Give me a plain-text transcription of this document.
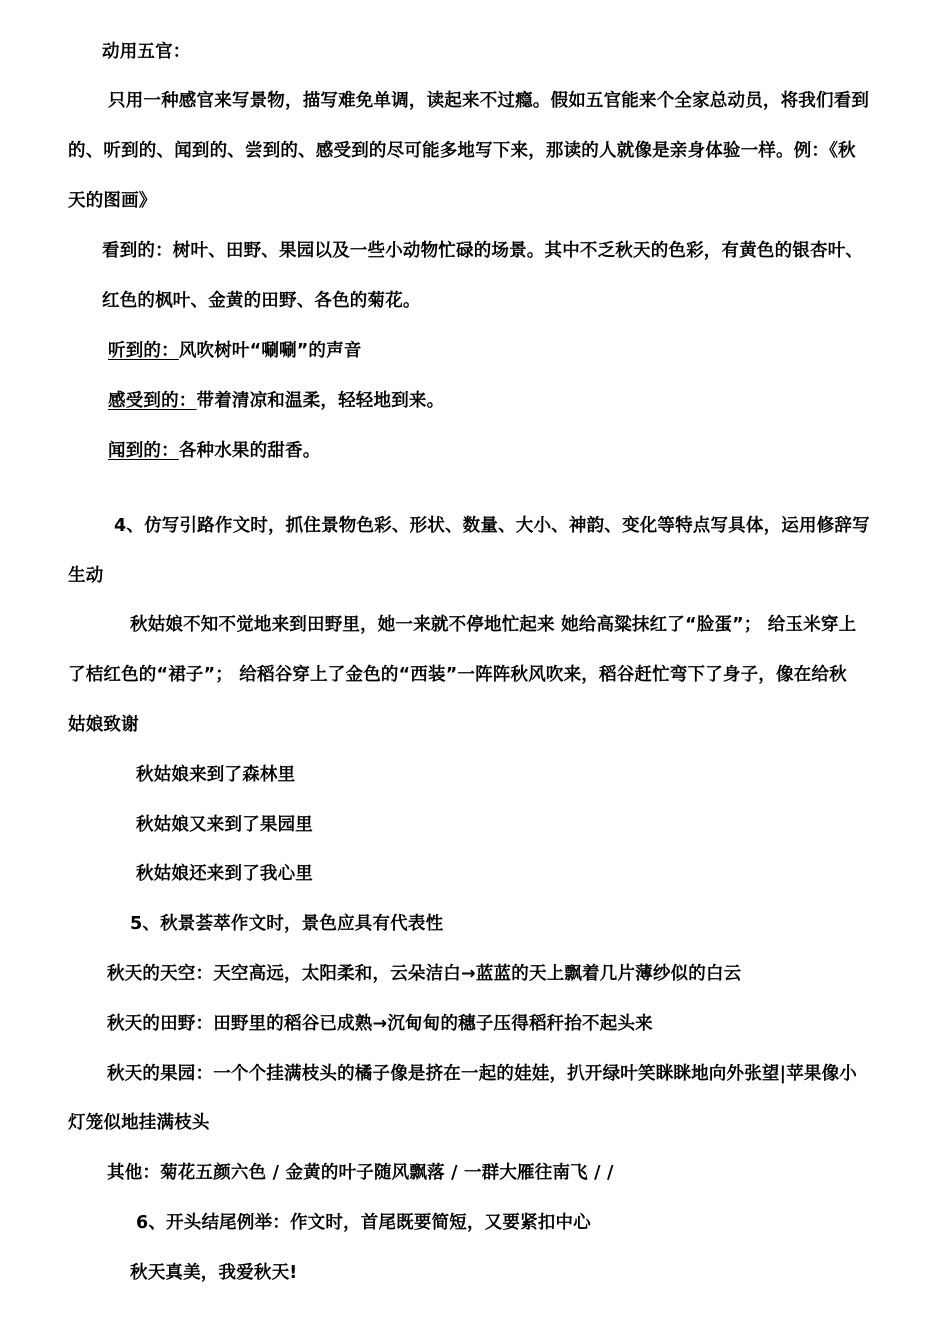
动用五官：
只用一种感官来写景物，描写难免单调，读起来不过瘾。假如五官能来个全家总动员，将我们看到
的、听到的、闻到的、尝到的、感受到的尽可能多地写下来，那读的人就像是亲身体验一样。例：《秋
天的图画》
看到的：树叶、田野、果园以及一些小动物忙碌的场景。其中不乏秋天的色彩，有黄色的银杏叶、
红色的枫叶、金黄的田野、各色的菊花。
听到的：风吹树叶“唰唰”的声音
感受到的：带着清凉和温柔，轻轻地到来。
闻到的：各种水果的甜香。
4、仿写引路作文时，抓住景物色彩、形状、数量、大小、神韵、变化等特点写具体，运用修辞写
生动
秋姑娘不知不觉地来到田野里，她一来就不停地忙起来 她给高粱抹红了“脸蛋”； 给玉米穿上
了桔红色的“裙子”； 给稻谷穿上了金色的“西装”一阵阵秋风吹来，稻谷赶忙弯下了身子，像在给秋
姑娘致谢
秋姑娘来到了森林里
秋姑娘又来到了果园里
秋姑娘还来到了我心里
5、秋景荟萃作文时，景色应具有代表性
秋天的天空：天空高远，太阳柔和，云朵洁白→蓝蓝的天上飘着几片薄纱似的白云
秋天的田野：田野里的稻谷已成熟→沉甸甸的穗子压得稻秆抬不起头来
秋天的果园：一个个挂满枝头的橘子像是挤在一起的娃娃，扒开绿叶笑眯眯地向外张望|苹果像小
灯笼似地挂满枝头
其他：菊花五颜六色 / 金黄的叶子随风飘落 / 一群大雁往南飞 / /
6、开头结尾例举：作文时，首尾既要简短，又要紧扣中心
秋天真美，我爱秋天!
